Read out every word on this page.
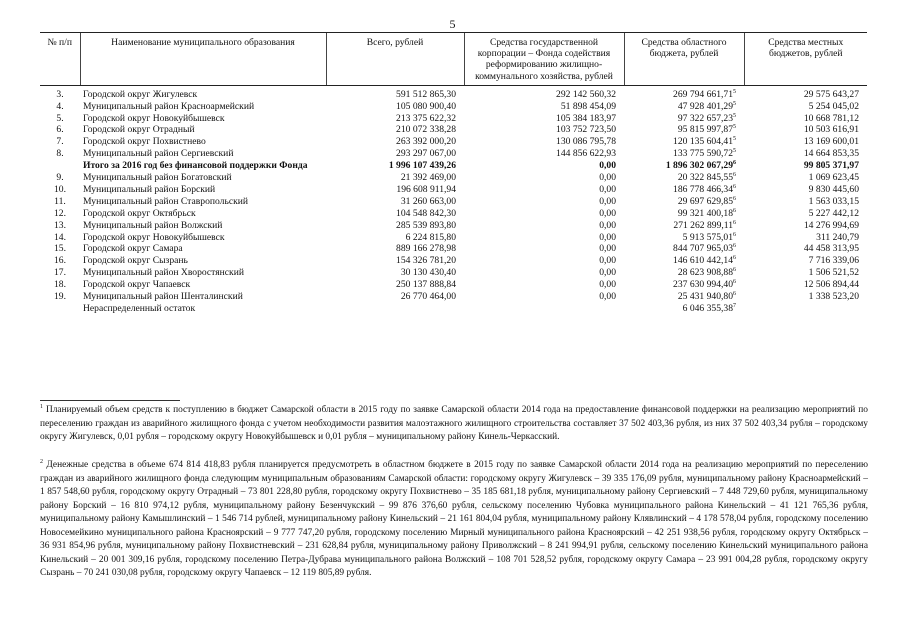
5
№ п/п	Наименование муниципального образования	Всего, рублей	Средства государственной корпорации – Фонда содействия реформированию жилищно-коммунального хозяйства, рублей	Средства областного бюджета, рублей	Средства местных бюджетов, рублей
3.	Городской округ Жигулевск	591 512 865,30	292 142 560,32	269 794 661,71$^5$	29 575 643,27
4.	Муниципальный район Красноармейский	105 080 900,40	51 898 454,09	47 928 401,29$^5$	5 254 045,02
5.	Городской округ Новокуйбышевск	213 375 622,32	105 384 183,97	97 322 657,23$^5$	10 668 781,12
6.	Городской округ Отрадный	210 072 338,28	103 752 723,50	95 815 997,87$^5$	10 503 616,91
7.	Городской округ Похвистнево	263 392 000,20	130 086 795,78	120 135 604,41$^5$	13 169 600,01
8.	Муниципальный район Сергиевский	293 297 067,00	144 856 622,93	133 775 590,72$^5$	14 664 853,35
	Итого за 2016 год без финансовой поддержки Фонда	1 996 107 439,26	0,00	1 896 302 067,29$^6$	99 805 371,97
9.	Муниципальный район Богатовский	21 392 469,00	0,00	20 322 845,55$^6$	1 069 623,45
10.	Муниципальный район Борский	196 608 911,94	0,00	186 778 466,34$^6$	9 830 445,60
11.	Муниципальный район Ставропольский	31 260 663,00	0,00	29 697 629,85$^6$	1 563 033,15
12.	Городской округ Октябрьск	104 548 842,30	0,00	99 321 400,18$^6$	5 227 442,12
13.	Муниципальный район Волжский	285 539 893,80	0,00	271 262 899,11$^6$	14 276 994,69
14.	Городской округ Новокуйбышевск	6 224 815,80	0,00	5 913 575,01$^6$	311 240,79
15.	Городской округ Самара	889 166 278,98	0,00	844 707 965,03$^6$	44 458 313,95
16.	Городской округ Сызрань	154 326 781,20	0,00	146 610 442,14$^6$	7 716 339,06
17.	Муниципальный район Хворостянский	30 130 430,40	0,00	28 623 908,88$^6$	1 506 521,52
18.	Городской округ Чапаевск	250 137 888,84	0,00	237 630 994,40$^6$	12 506 894,44
19.	Муниципальный район Шенталинский	26 770 464,00	0,00	25 431 940,80$^6$	1 338 523,20
	Нераспределенный остаток			6 046 355,38$^7$	
$^1$ Планируемый объем средств к поступлению в бюджет Самарской области в 2015 году по заявке Самарской области 2014 года на предоставление финансовой поддержки на реализацию мероприятий по переселению граждан из аварийного жилищного фонда с учетом необходимости развития малоэтажного жилищного строительства составляет 37 502 403,36 рубля, из них 37 502 403,34 рубля – городскому округу Жигулевск, 0,01 рубля – городскому округу Новокуйбышевск и 0,01 рубля – муниципальному району Кинель-Черкасский.
$^2$ Денежные средства в объеме 674 814 418,83 рубля планируется предусмотреть в областном бюджете в 2015 году по заявке Самарской области 2014 года на реализацию мероприятий по переселению граждан из аварийного жилищного фонда следующим муниципальным образованиям Самарской области: городскому округу Жигулевск – 39 335 176,09 рубля, муниципальному району Красноармейский – 1 857 548,60 рубля, городскому округу Отрадный – 73 801 228,80 рубля, городскому округу Похвистнево – 35 185 681,18 рубля, муниципальному району Сергиевский – 7 448 729,60 рубля, муниципальному району Борский – 16 810 974,12 рубля, муниципальному району Безенчукский – 99 876 376,60 рубля, сельскому поселению Чубовка муниципального района Кинельский – 41 121 765,36 рубля, муниципальному району Камышлинский – 1 546 714 рублей, муниципальному району Кинельский – 21 161 804,04 рубля, муниципальному району Клявлинский – 4 178 578,04 рубля, городскому поселению Новосемейкино муниципального района Красноярский – 9 777 747,20 рубля, городскому поселению Мирный муниципального района Красноярский – 42 251 938,56 рубля, городскому округу Октябрьск – 36 931 854,96 рубля, муниципальному району Похвистневский – 231 628,84 рубля, муниципальному району Приволжский – 8 241 994,91 рубля, сельскому поселению Кинельский муниципального района Кинельский – 20 001 309,16 рубля, городскому поселению Петра-Дубрава муниципального района Волжский – 108 701 528,52 рубля, городскому округу Самара – 23 991 004,28 рубля, городскому округу Сызрань – 70 241 030,08 рубля, городскому округу Чапаевск – 12 119 805,89 рубля.
